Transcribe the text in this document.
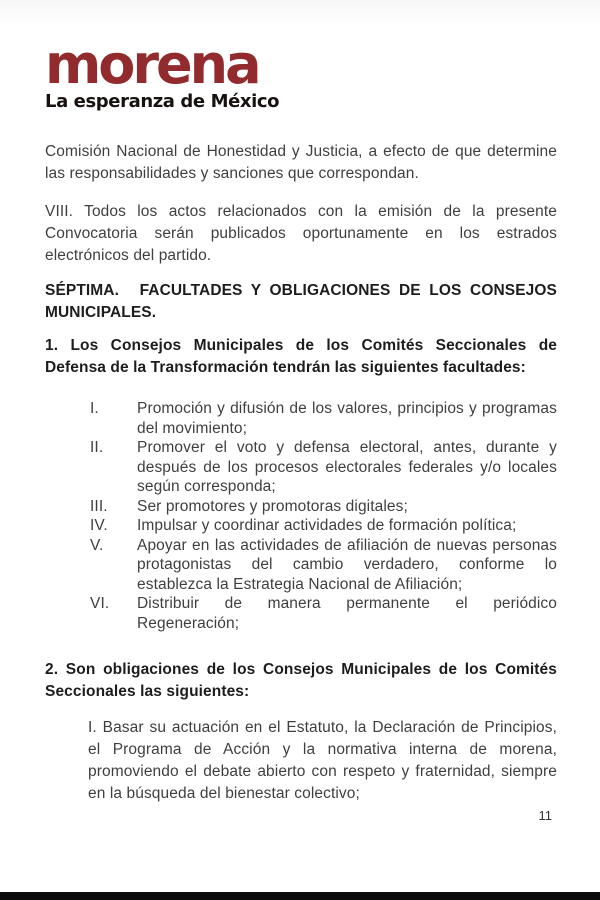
morena
La esperanza de México

Comisión Nacional de Honestidad y Justicia, a efecto de que determine las responsabilidades y sanciones que correspondan.

VIII. Todos los actos relacionados con la emisión de la presente Convocatoria serán publicados oportunamente en los estrados electrónicos del partido.

SÉPTIMA. FACULTADES Y OBLIGACIONES DE LOS CONSEJOS MUNICIPALES.

1. Los Consejos Municipales de los Comités Seccionales de Defensa de la Transformación tendrán las siguientes facultades:

I.	Promoción y difusión de los valores, principios y programas del movimiento;
II.	Promover el voto y defensa electoral, antes, durante y después de los procesos electorales federales y/o locales según corresponda;
III.	Ser promotores y promotoras digitales;
IV.	Impulsar y coordinar actividades de formación política;
V.	Apoyar en las actividades de afiliación de nuevas personas protagonistas del cambio verdadero, conforme lo establezca la Estrategia Nacional de Afiliación;
VI.	Distribuir de manera permanente el periódico Regeneración;

2. Son obligaciones de los Consejos Municipales de los Comités Seccionales las siguientes:

I. Basar su actuación en el Estatuto, la Declaración de Principios, el Programa de Acción y la normativa interna de morena, promoviendo el debate abierto con respeto y fraternidad, siempre en la búsqueda del bienestar colectivo;

11
